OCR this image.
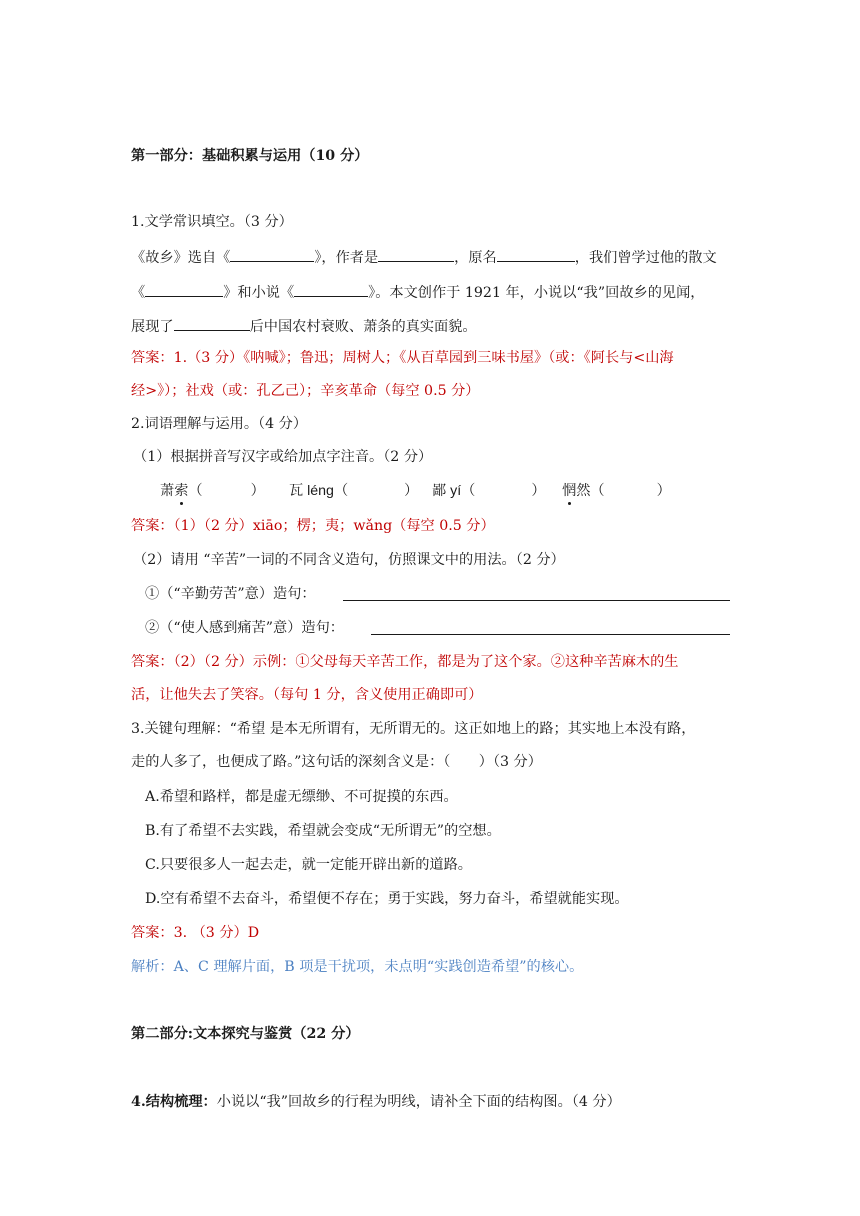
第一部分：基础积累与运用（10 分）
1.文学常识填空。（3 分）
《故乡》选自《	》，作者是	，原名	，我们曾学过他的散文
《	》和小说《	》。本文创作于 1921 年，小说以“我”回故乡的见闻，
展现了	后中国农村衰败、萧条的真实面貌。
答案：1.（3 分）《呐喊》；鲁迅；周树人；《从百草园到三味书屋》（或：《阿长与<山海
经>》）；社戏（或：孔乙己）；辛亥革命（每空 0.5 分）
2.词语理解与运用。（4 分）
（1）根据拼音写汉字或给加点字注音。（2 分）
萧索（	） 瓦 léng（	） 鄙 yí（	） 惘然（	）
答案：（1）（2 分）xiāo；楞；夷；wǎng（每空 0.5 分）
（2）请用 “辛苦”一词的不同含义造句，仿照课文中的用法。（2 分）
①（“辛勤劳苦”意）造句：
②（“使人感到痛苦”意）造句：
答案：（2）（2 分）示例：①父母每天辛苦工作，都是为了这个家。②这种辛苦麻木的生
活，让他失去了笑容。（每句 1 分，含义使用正确即可）
3.关键句理解：“希望 是本无所谓有，无所谓无的。这正如地上的路；其实地上本没有路，
走的人多了，也便成了路。”这句话的深刻含义是：（　　）（3 分）
A.希望和路样，都是虚无缥缈、不可捉摸的东西。
B.有了希望不去实践，希望就会变成“无所谓无”的空想。
C.只要很多人一起去走，就一定能开辟出新的道路。
D.空有希望不去奋斗，希望便不存在；勇于实践，努力奋斗，希望就能实现。
答案：3. （3 分）D
解析：A、C 理解片面，B 项是干扰项，未点明“实践创造希望”的核心。
第二部分:文本探究与鉴赏（22 分）
4.结构梳理：小说以“我”回故乡的行程为明线，请补全下面的结构图。（4 分）
